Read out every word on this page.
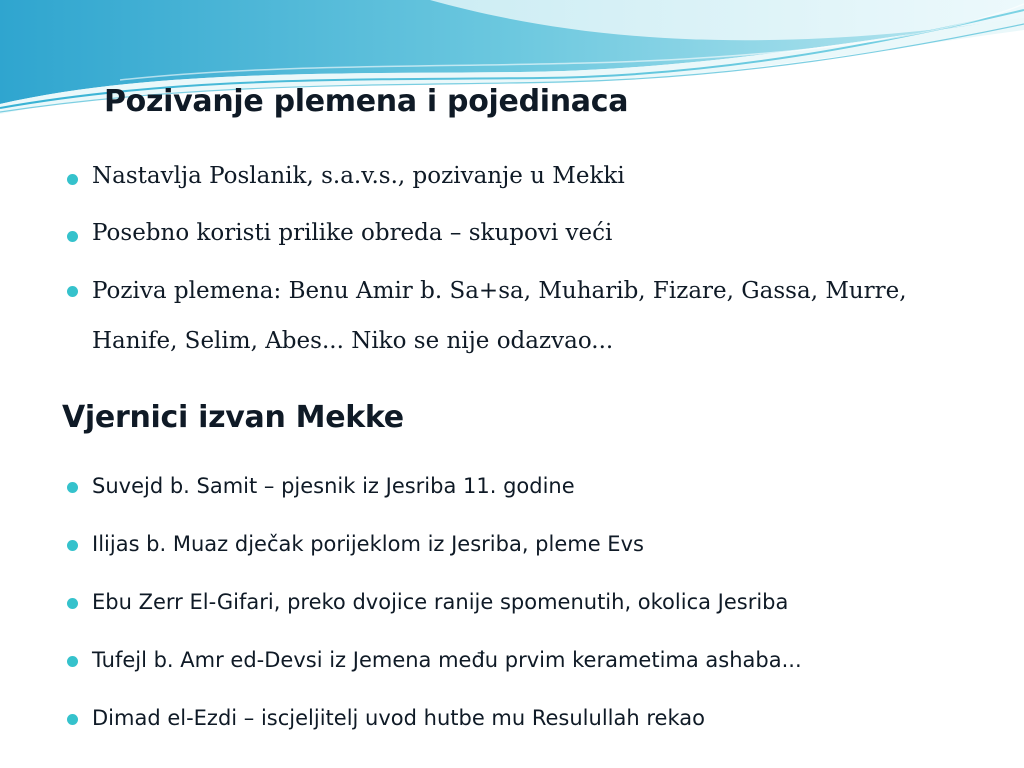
Pozivanje plemena i pojedinaca
Nastavlja Poslanik, s.a.v.s., pozivanje u Mekki
Posebno koristi prilike obreda – skupovi veći
Poziva plemena: Benu Amir b. Sa+sa, Muharib, Fizare, Gassa, Murre, Hanife, Selim, Abes... Niko se nije odazvao...
Vjernici izvan Mekke
Suvejd b. Samit – pjesnik iz Jesriba 11. godine
Ilijas b. Muaz dječak porijeklom iz Jesriba, pleme Evs
Ebu Zerr El-Gifari, preko dvojice ranije spomenutih, okolica Jesriba
Tufejl b. Amr ed-Devsi iz Jemena među prvim kerametima ashaba...
Dimad el-Ezdi – iscjeljitelj uvod hutbe mu Resulullah rekao
